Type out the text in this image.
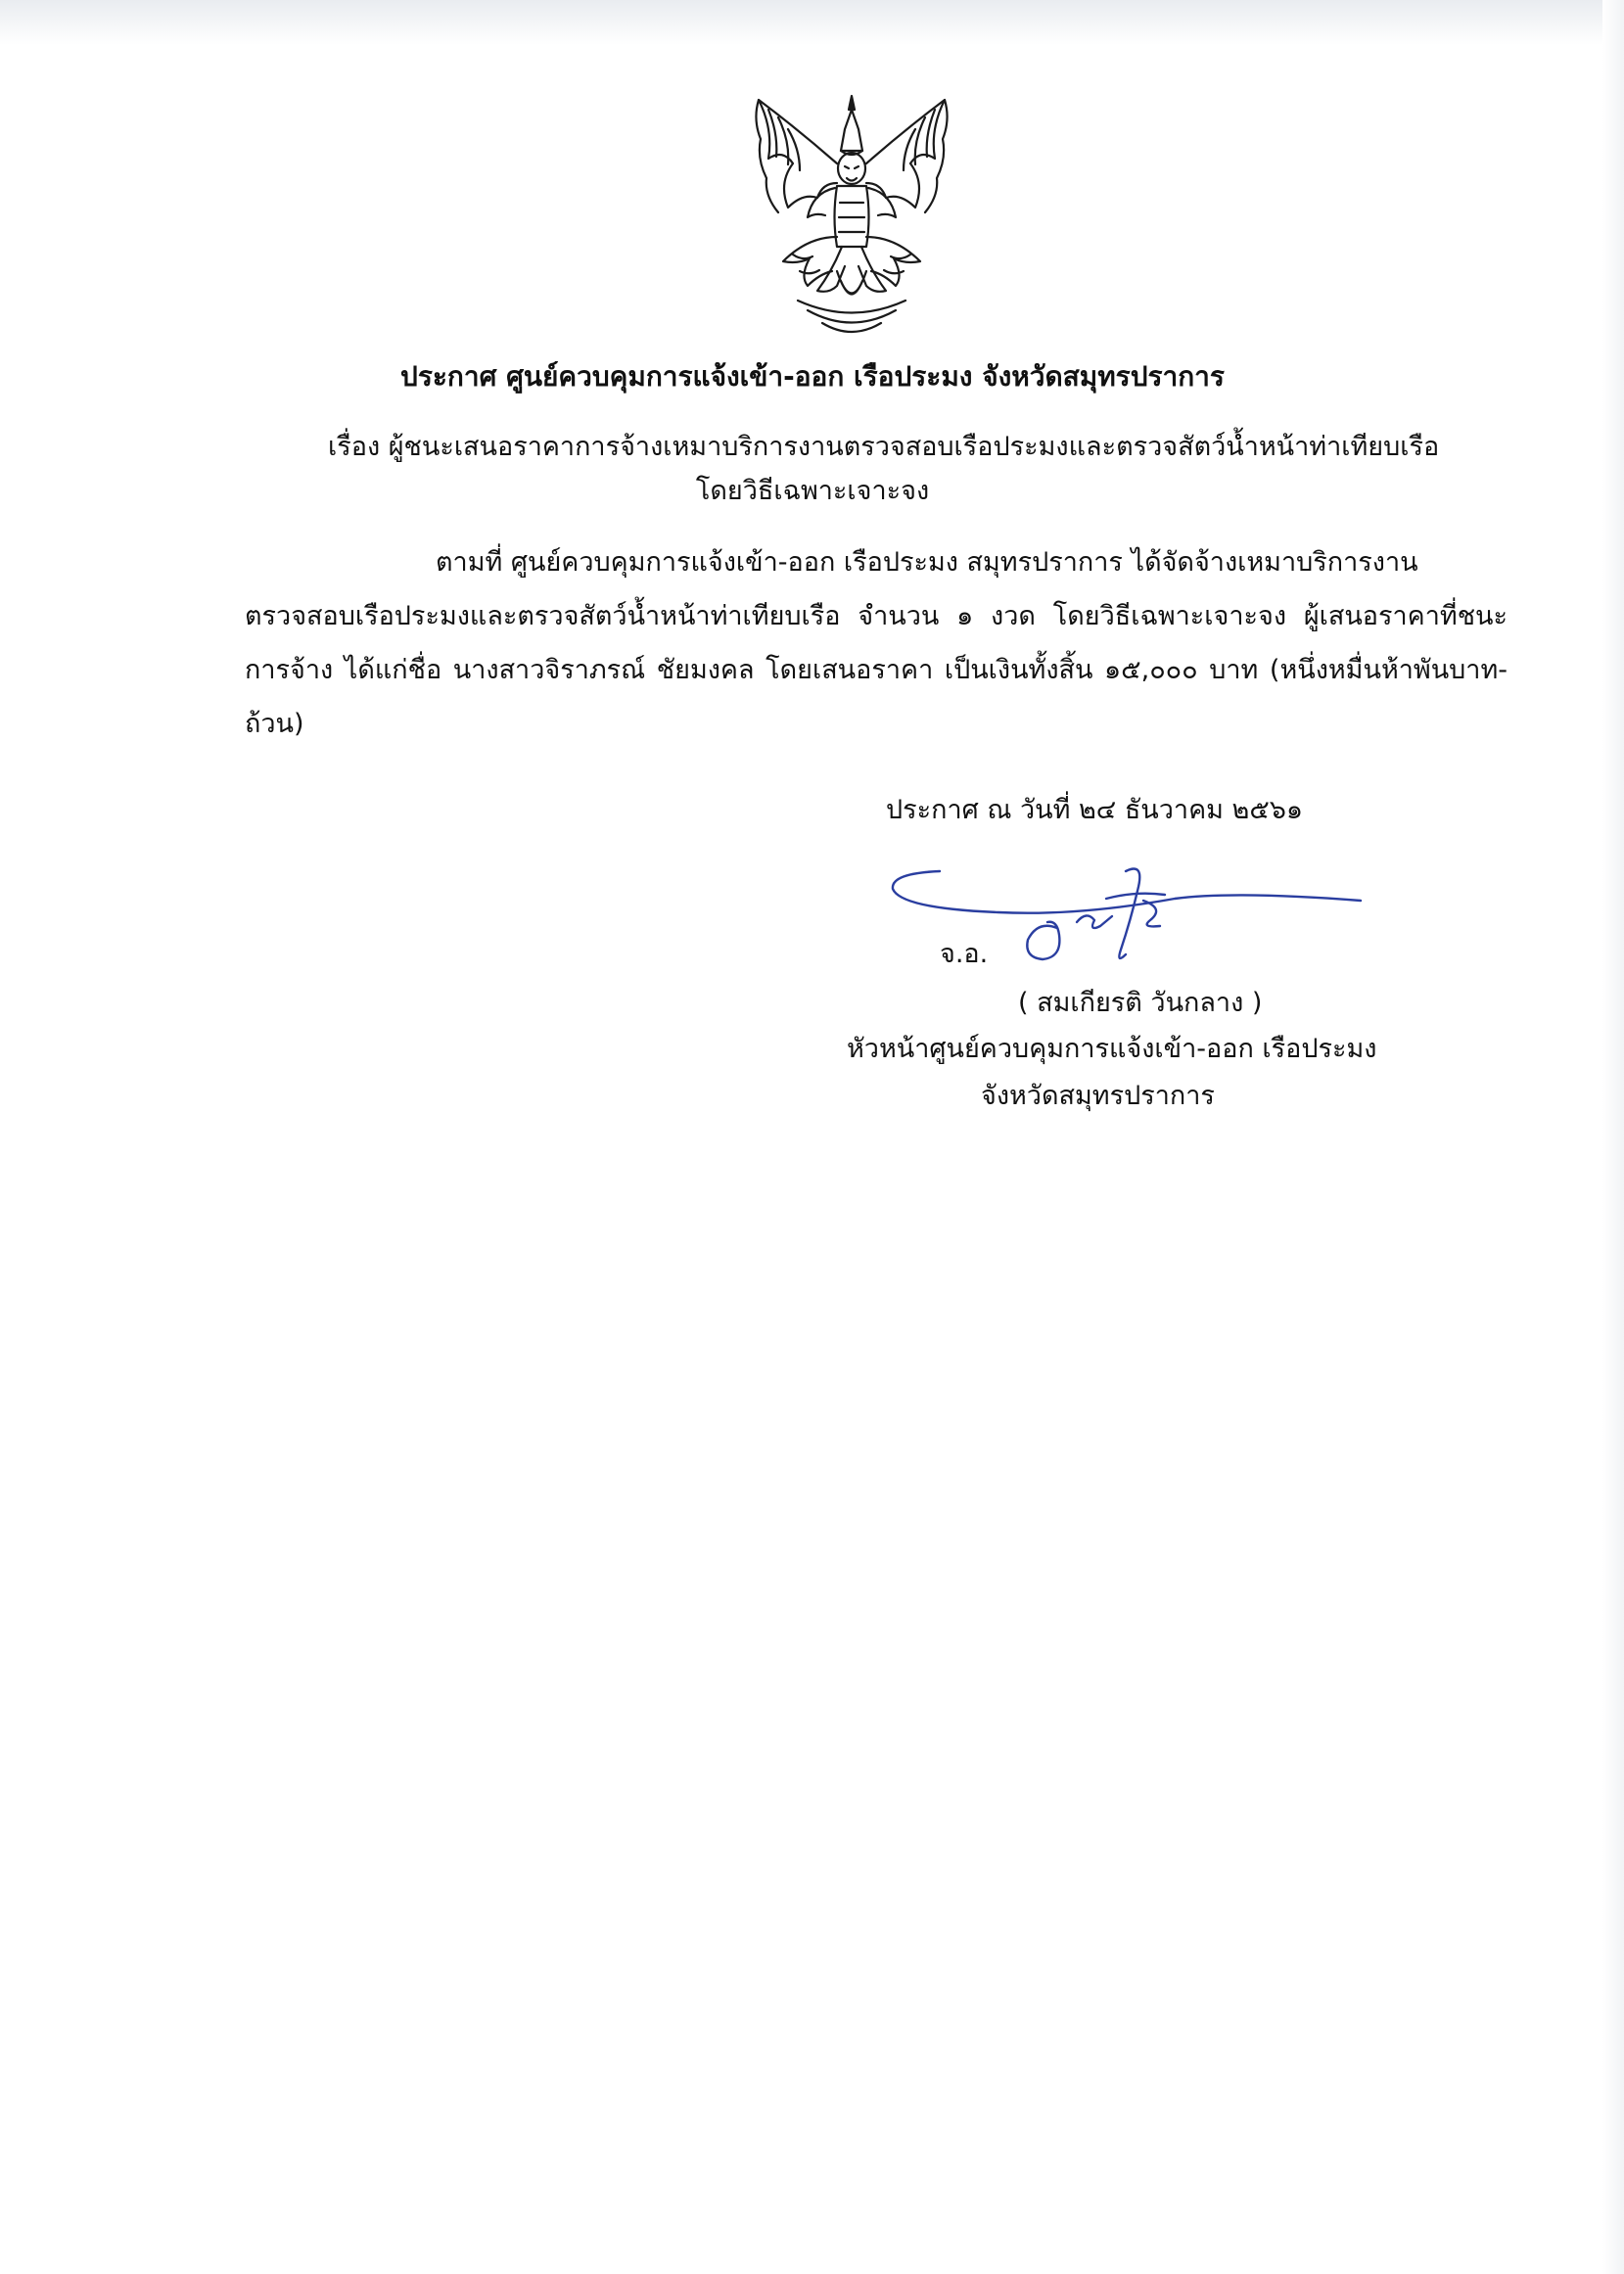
ประกาศ ศูนย์ควบคุมการแจ้งเข้า-ออก เรือประมง จังหวัดสมุทรปราการ
เรื่อง ผู้ชนะเสนอราคาการจ้างเหมาบริการงานตรวจสอบเรือประมงและตรวจสัตว์น้ำหน้าท่าเทียบเรือ
โดยวิธีเฉพาะเจาะจง
ตามที่ ศูนย์ควบคุมการแจ้งเข้า-ออก เรือประมง สมุทรปราการ ได้จัดจ้างเหมาบริการงาน
ตรวจสอบเรือประมงและตรวจสัตว์น้ำหน้าท่าเทียบเรือ จำนวน ๑ งวด โดยวิธีเฉพาะเจาะจง ผู้เสนอราคาที่ชนะ
การจ้าง ได้แก่ชื่อ นางสาวจิราภรณ์ ชัยมงคล โดยเสนอราคา เป็นเงินทั้งสิ้น ๑๕,๐๐๐ บาท (หนึ่งหมื่นห้าพันบาท-
ถ้วน)
ประกาศ ณ วันที่ ๒๔ ธันวาคม ๒๕๖๑
จ.อ.
( สมเกียรติ วันกลาง )
หัวหน้าศูนย์ควบคุมการแจ้งเข้า-ออก เรือประมง
จังหวัดสมุทรปราการ
